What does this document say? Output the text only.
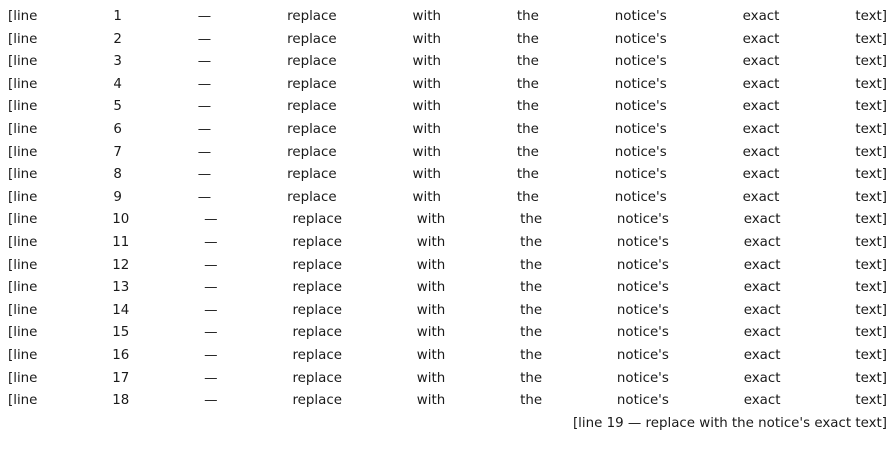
[line 1 — replace with the notice's exact text]
[line 2 — replace with the notice's exact text]
[line 3 — replace with the notice's exact text]
[line 4 — replace with the notice's exact text]
[line 5 — replace with the notice's exact text]
[line 6 — replace with the notice's exact text]
[line 7 — replace with the notice's exact text]
[line 8 — replace with the notice's exact text]
[line 9 — replace with the notice's exact text]
[line 10 — replace with the notice's exact text]
[line 11 — replace with the notice's exact text]
[line 12 — replace with the notice's exact text]
[line 13 — replace with the notice's exact text]
[line 14 — replace with the notice's exact text]
[line 15 — replace with the notice's exact text]
[line 16 — replace with the notice's exact text]
[line 17 — replace with the notice's exact text]
[line 18 — replace with the notice's exact text]
[line 19 — replace with the notice's exact text]
